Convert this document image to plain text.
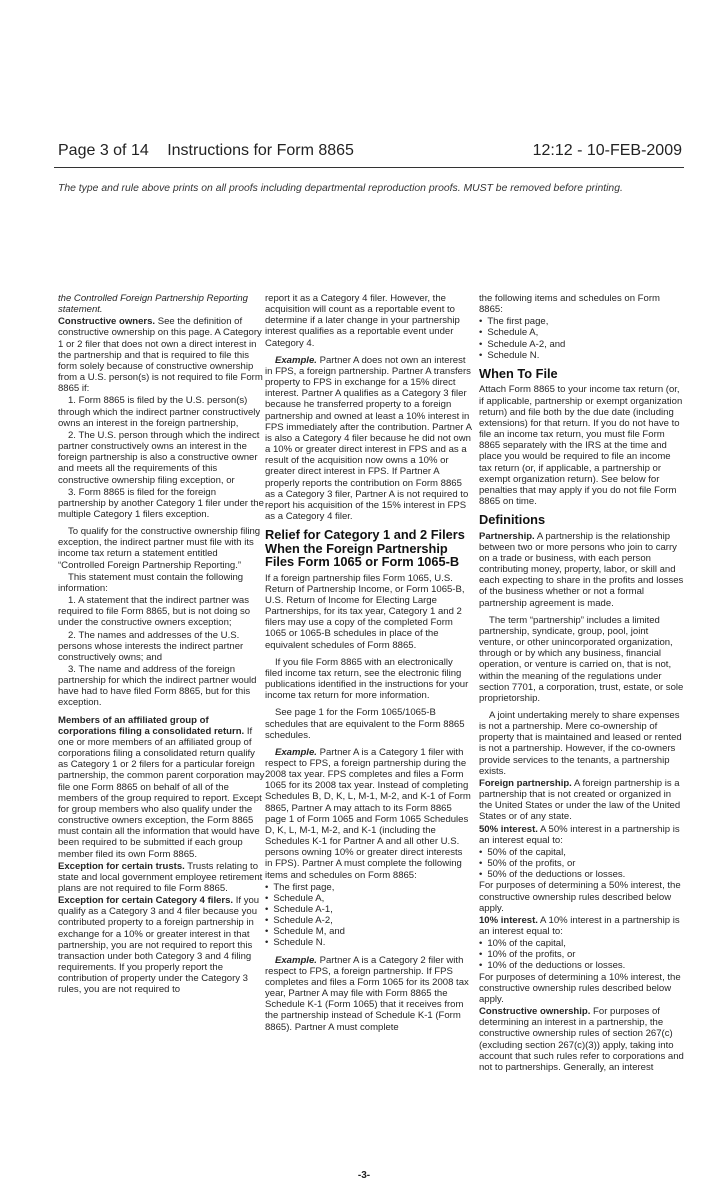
Page 3 of 14 Instructions for Form 8865	12:12 - 10-FEB-2009
The type and rule above prints on all proofs including departmental reproduction proofs. MUST be removed before printing.

the Controlled Foreign Partnership Reporting statement.

Constructive owners. See the definition of constructive ownership on this page. A Category 1 or 2 filer that does not own a direct interest in the partnership and that is required to file this form solely because of constructive ownership from a U.S. person(s) is not required to file Form 8865 if:

1. Form 8865 is filed by the U.S. person(s) through which the indirect partner constructively owns an interest in the foreign partnership,

2. The U.S. person through which the indirect partner constructively owns an interest in the foreign partnership is also a constructive owner and meets all the requirements of this constructive ownership filing exception, or

3. Form 8865 is filed for the foreign partnership by another Category 1 filer under the multiple Category 1 filers exception.

To qualify for the constructive ownership filing exception, the indirect partner must file with its income tax return a statement entitled “Controlled Foreign Partnership Reporting.”

This statement must contain the following information:

1. A statement that the indirect partner was required to file Form 8865, but is not doing so under the constructive owners exception;

2. The names and addresses of the U.S. persons whose interests the indirect partner constructively owns; and

3. The name and address of the foreign partnership for which the indirect partner would have had to have filed Form 8865, but for this exception.

Members of an affiliated group of corporations filing a consolidated return. If one or more members of an affiliated group of corporations filing a consolidated return qualify as Category 1 or 2 filers for a particular foreign partnership, the common parent corporation may file one Form 8865 on behalf of all of the members of the group required to report. Except for group members who also qualify under the constructive owners exception, the Form 8865 must contain all the information that would have been required to be submitted if each group member filed its own Form 8865.

Exception for certain trusts. Trusts relating to state and local government employee retirement plans are not required to file Form 8865.

Exception for certain Category 4 filers. If you qualify as a Category 3 and 4 filer because you contributed property to a foreign partnership in exchange for a 10% or greater interest in that partnership, you are not required to report this transaction under both Category 3 and 4 filing requirements. If you properly report the contribution of property under the Category 3 rules, you are not required to

report it as a Category 4 filer. However, the acquisition will count as a reportable event to determine if a later change in your partnership interest qualifies as a reportable event under Category 4.

Example. Partner A does not own an interest in FPS, a foreign partnership. Partner A transfers property to FPS in exchange for a 15% direct interest. Partner A qualifies as a Category 3 filer because he transferred property to a foreign partnership and owned at least a 10% interest in FPS immediately after the contribution. Partner A is also a Category 4 filer because he did not own a 10% or greater direct interest in FPS and as a result of the acquisition now owns a 10% or greater direct interest in FPS. If Partner A properly reports the contribution on Form 8865 as a Category 3 filer, Partner A is not required to report his acquisition of the 15% interest in FPS as a Category 4 filer.

Relief for Category 1 and 2 Filers When the Foreign Partnership Files Form 1065 or Form 1065-B

If a foreign partnership files Form 1065, U.S. Return of Partnership Income, or Form 1065-B, U.S. Return of Income for Electing Large Partnerships, for its tax year, Category 1 and 2 filers may use a copy of the completed Form 1065 or 1065-B schedules in place of the equivalent schedules of Form 8865.

If you file Form 8865 with an electronically filed income tax return, see the electronic filing publications identified in the instructions for your income tax return for more information.

See page 1 for the Form 1065/1065-B schedules that are equivalent to the Form 8865 schedules.

Example. Partner A is a Category 1 filer with respect to FPS, a foreign partnership during the 2008 tax year. FPS completes and files a Form 1065 for its 2008 tax year. Instead of completing Schedules B, D, K, L, M-1, M-2, and K-1 of Form 8865, Partner A may attach to its Form 8865 page 1 of Form 1065 and Form 1065 Schedules D, K, L, M-1, M-2, and K-1 (including the Schedules K-1 for Partner A and all other U.S. persons owning 10% or greater direct interests in FPS). Partner A must complete the following items and schedules on Form 8865:

• The first page,
• Schedule A,
• Schedule A-1,
• Schedule A-2,
• Schedule M, and
• Schedule N.

Example. Partner A is a Category 2 filer with respect to FPS, a foreign partnership. If FPS completes and files a Form 1065 for its 2008 tax year, Partner A may file with Form 8865 the Schedule K-1 (Form 1065) that it receives from the partnership instead of Schedule K-1 (Form 8865). Partner A must complete

the following items and schedules on Form 8865:

• The first page,
• Schedule A,
• Schedule A-2, and
• Schedule N.
When To File

Attach Form 8865 to your income tax return (or, if applicable, partnership or exempt organization return) and file both by the due date (including extensions) for that return. If you do not have to file an income tax return, you must file Form 8865 separately with the IRS at the time and place you would be required to file an income tax return (or, if applicable, a partnership or exempt organization return). See below for penalties that may apply if you do not file Form 8865 on time.

Definitions

Partnership. A partnership is the relationship between two or more persons who join to carry on a trade or business, with each person contributing money, property, labor, or skill and each expecting to share in the profits and losses of the business whether or not a formal partnership agreement is made.

The term “partnership” includes a limited partnership, syndicate, group, pool, joint venture, or other unincorporated organization, through or by which any business, financial operation, or venture is carried on, that is not, within the meaning of the regulations under section 7701, a corporation, trust, estate, or sole proprietorship.

A joint undertaking merely to share expenses is not a partnership. Mere co-ownership of property that is maintained and leased or rented is not a partnership. However, if the co-owners provide services to the tenants, a partnership exists.

Foreign partnership. A foreign partnership is a partnership that is not created or organized in the United States or under the law of the United States or of any state.

50% interest. A 50% interest in a partnership is an interest equal to:

• 50% of the capital,
• 50% of the profits, or
• 50% of the deductions or losses.

For purposes of determining a 50% interest, the constructive ownership rules described below apply.

10% interest. A 10% interest in a partnership is an interest equal to:

• 10% of the capital,
• 10% of the profits, or
• 10% of the deductions or losses.

For purposes of determining a 10% interest, the constructive ownership rules described below apply.

Constructive ownership. For purposes of determining an interest in a partnership, the constructive ownership rules of section 267(c) (excluding section 267(c)(3)) apply, taking into account that such rules refer to corporations and not to partnerships. Generally, an interest

-3-
